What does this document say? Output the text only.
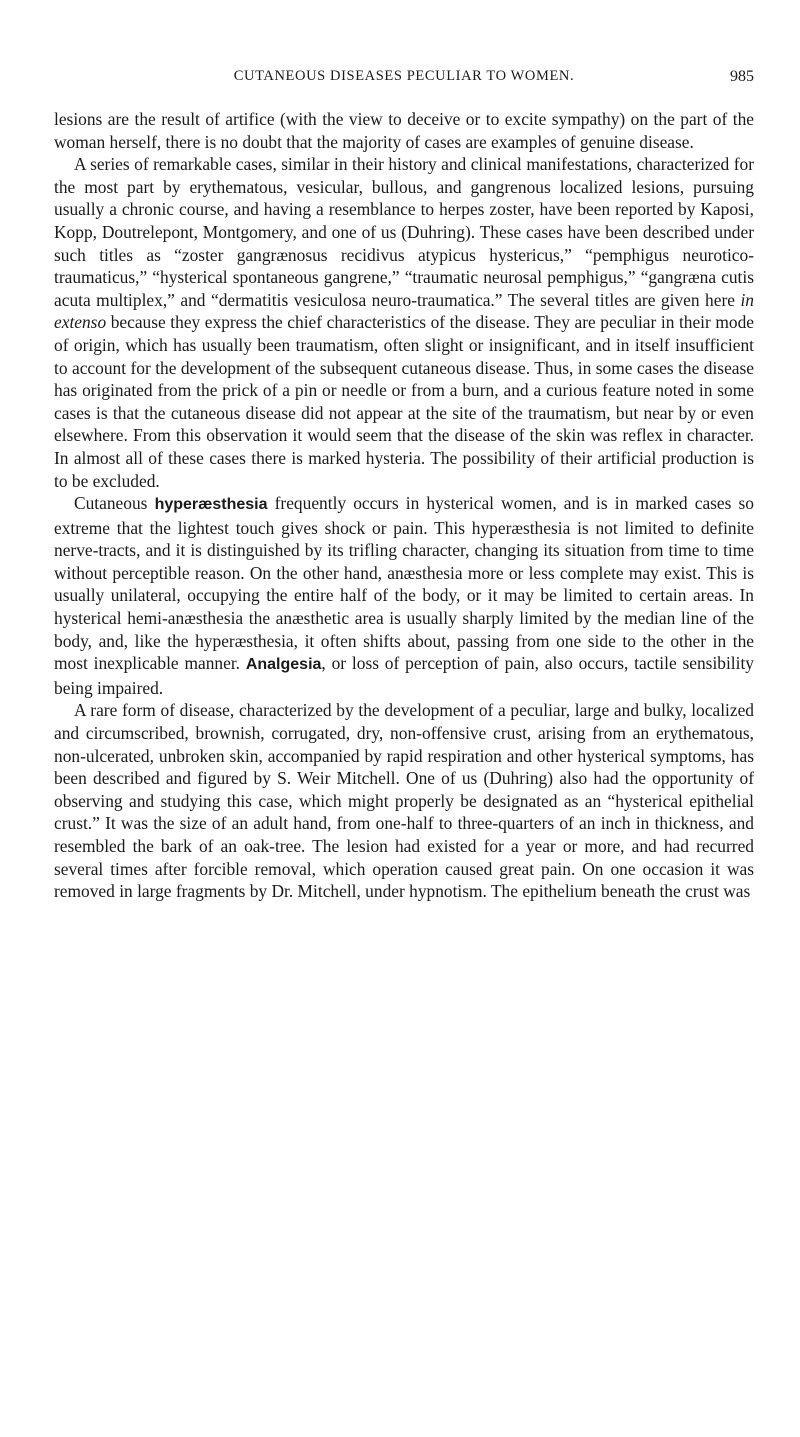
CUTANEOUS DISEASES PECULIAR TO WOMEN.	985

lesions are the result of artifice (with the view to deceive or to excite sympathy) on the part of the woman herself, there is no doubt that the majority of cases are examples of genuine disease.

A series of remarkable cases, similar in their history and clinical manifestations, characterized for the most part by erythematous, vesicular, bullous, and gangrenous localized lesions, pursuing usually a chronic course, and having a resemblance to herpes zoster, have been reported by Kaposi, Kopp, Doutrelepont, Montgomery, and one of us (Duhring). These cases have been described under such titles as “zoster gangrænosus recidivus atypicus hystericus,” “pemphigus neurotico-traumaticus,” “hysterical spontaneous gangrene,” “traumatic neurosal pemphigus,” “gangræna cutis acuta multiplex,” and “dermatitis vesiculosa neuro-traumatica.” The several titles are given here in extenso because they express the chief characteristics of the disease. They are peculiar in their mode of origin, which has usually been traumatism, often slight or insignificant, and in itself insufficient to account for the development of the subsequent cutaneous disease. Thus, in some cases the disease has originated from the prick of a pin or needle or from a burn, and a curious feature noted in some cases is that the cutaneous disease did not appear at the site of the traumatism, but near by or even elsewhere. From this observation it would seem that the disease of the skin was reflex in character. In almost all of these cases there is marked hysteria. The possibility of their artificial production is to be excluded.

Cutaneous hyperæsthesia frequently occurs in hysterical women, and is in marked cases so extreme that the lightest touch gives shock or pain. This hyperæsthesia is not limited to definite nerve-tracts, and it is distinguished by its trifling character, changing its situation from time to time without perceptible reason. On the other hand, anæsthesia more or less complete may exist. This is usually unilateral, occupying the entire half of the body, or it may be limited to certain areas. In hysterical hemi-anæsthesia the anæsthetic area is usually sharply limited by the median line of the body, and, like the hyperæsthesia, it often shifts about, passing from one side to the other in the most inexplicable manner. Analgesia, or loss of perception of pain, also occurs, tactile sensibility being impaired.

A rare form of disease, characterized by the development of a peculiar, large and bulky, localized and circumscribed, brownish, corrugated, dry, non-offensive crust, arising from an erythematous, non-ulcerated, unbroken skin, accompanied by rapid respiration and other hysterical symptoms, has been described and figured by S. Weir Mitchell. One of us (Duhring) also had the opportunity of observing and studying this case, which might properly be designated as an “hysterical epithelial crust.” It was the size of an adult hand, from one-half to three-quarters of an inch in thickness, and resembled the bark of an oak-tree. The lesion had existed for a year or more, and had recurred several times after forcible removal, which operation caused great pain. On one occasion it was removed in large fragments by Dr. Mitchell, under hypnotism. The epithelium beneath the crust was
